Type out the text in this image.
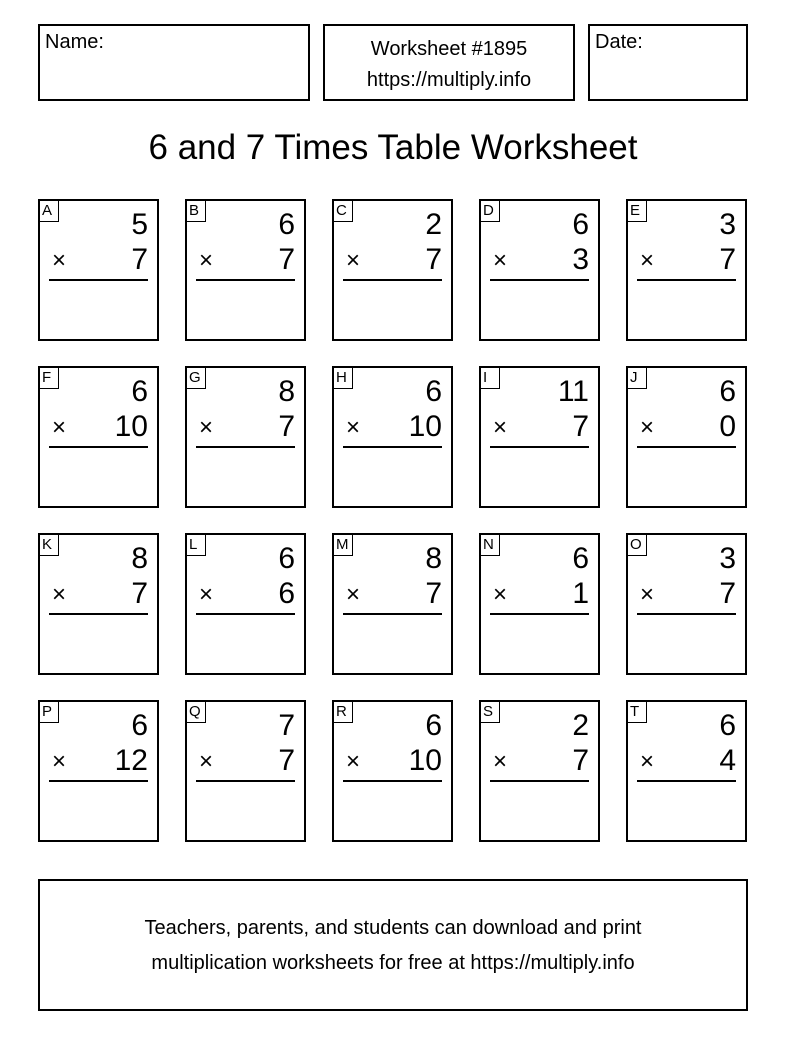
Name:	Worksheet #1895
https://multiply.info
Date:
6 and 7 Times Table Worksheet
A	5
× 7
B	6
× 7
C	2
× 7
D	6
× 3
E	3
× 7
F	6
× 10
G	8
× 7
H	6
× 10
I	11
× 7
J	6
× 0
K	8
× 7
L	6
× 6
M	8
× 7
N	6
× 1
O	3
× 7
P	6
× 12
Q	7
× 7
R	6
× 10
S	2
× 7
T	6
× 4
Teachers, parents, and students can download and print
multiplication worksheets for free at https://multiply.info
